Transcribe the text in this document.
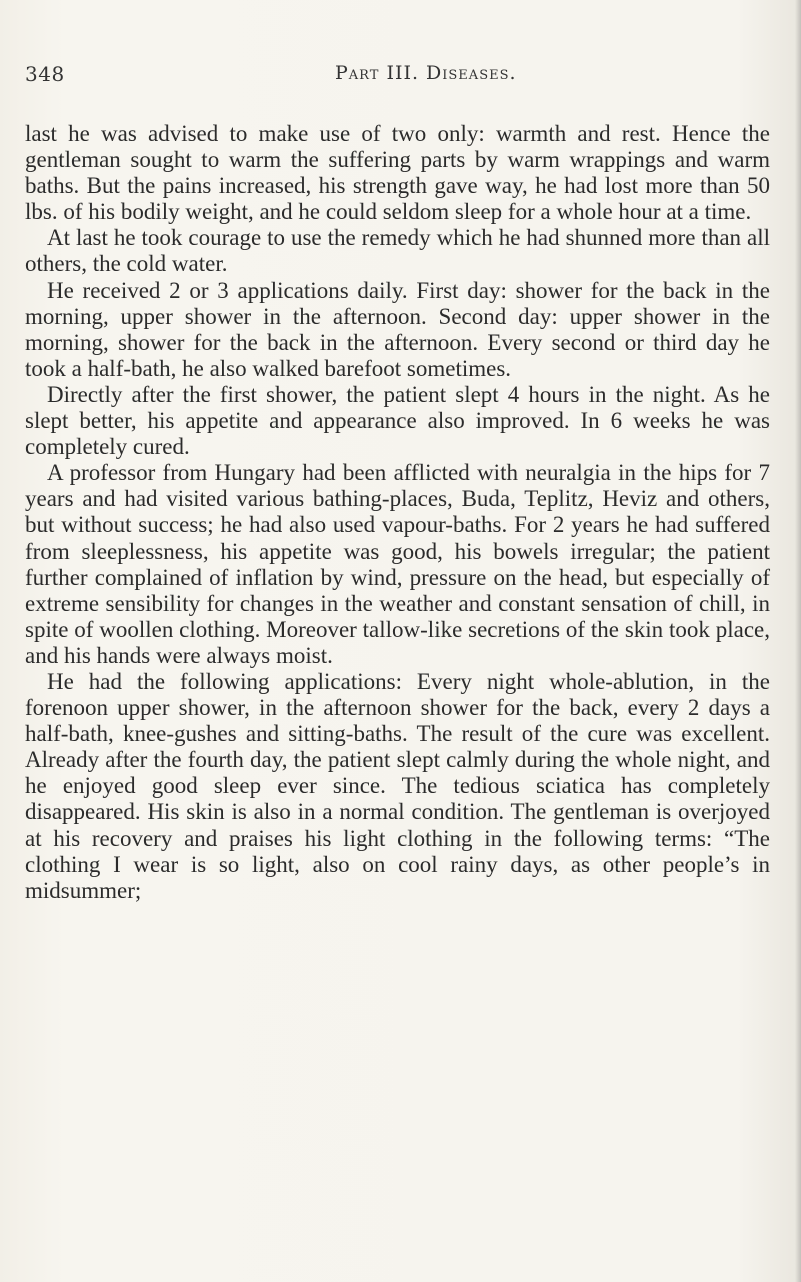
348	Part III. Diseases.

last he was advised to make use of two only: warmth and rest. Hence the gentleman sought to warm the suffering parts by warm wrappings and warm baths. But the pains increased, his strength gave way, he had lost more than 50 lbs. of his bodily weight, and he could seldom sleep for a whole hour at a time.

At last he took courage to use the remedy which he had shunned more than all others, the cold water.

He received 2 or 3 applications daily. First day: shower for the back in the morning, upper shower in the afternoon. Second day: upper shower in the morning, shower for the back in the afternoon. Every second or third day he took a half-bath, he also walked barefoot sometimes.

Directly after the first shower, the patient slept 4 hours in the night. As he slept better, his appetite and appearance also improved. In 6 weeks he was completely cured.

A professor from Hungary had been afflicted with neuralgia in the hips for 7 years and had visited various bathing-places, Buda, Teplitz, Heviz and others, but without success; he had also used vapour-baths. For 2 years he had suffered from sleeplessness, his appetite was good, his bowels irregular; the patient further complained of inflation by wind, pressure on the head, but especially of extreme sensibility for changes in the weather and constant sensation of chill, in spite of woollen clothing. Moreover tallow-like secretions of the skin took place, and his hands were always moist.

He had the following applications: Every night whole-ablution, in the forenoon upper shower, in the afternoon shower for the back, every 2 days a half-bath, knee-gushes and sitting-baths. The result of the cure was excellent. Already after the fourth day, the patient slept calmly during the whole night, and he enjoyed good sleep ever since. The tedious sciatica has completely disappeared. His skin is also in a normal condition. The gentleman is overjoyed at his recovery and praises his light clothing in the following terms: “The clothing I wear is so light, also on cool rainy days, as other people’s in midsummer;
